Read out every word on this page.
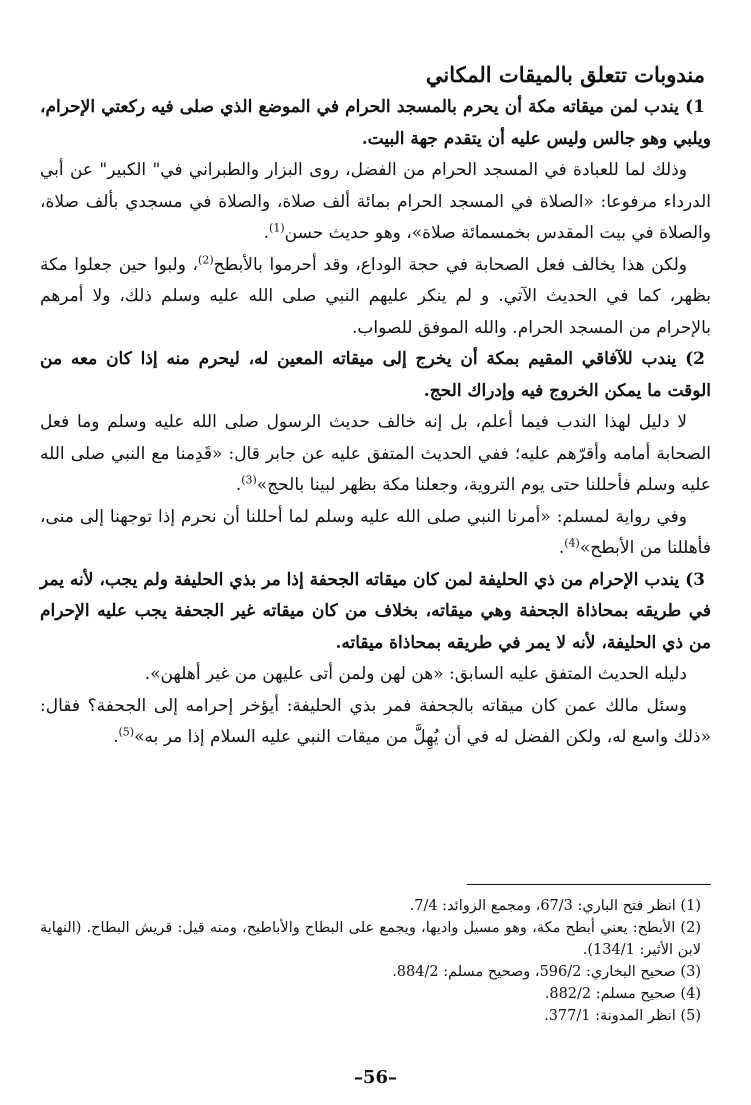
مندوبات تتعلق بالميقات المكاني

1) يندب لمن ميقاته مكة أن يحرم بالمسجد الحرام في الموضع الذي صلى فيه ركعتي الإحرام، ويلبي وهو جالس وليس عليه أن يتقدم جهة البيت.

وذلك لما للعبادة في المسجد الحرام من الفضل، روى البزار والطبراني في" الكبير" عن أبي الدرداء مرفوعا: «الصلاة في المسجد الحرام بمائة ألف صلاة، والصلاة في مسجدي بألف صلاة، والصلاة في بيت المقدس بخمسمائة صلاة»، وهو حديث حسن$^{(1)}$.

ولكن هذا يخالف فعل الصحابة في حجة الوداع، وقد أحرموا بالأبطح$^{(2)}$، ولبوا حين جعلوا مكة بظهر، كما في الحديث الآتي. و لم ينكر عليهم النبي صلى الله عليه وسلم ذلك، ولا أمرهم بالإحرام من المسجد الحرام. والله الموفق للصواب.

2) يندب للآفاقي المقيم بمكة أن يخرج إلى ميقاته المعين له، ليحرم منه إذا كان معه من الوقت ما يمكن الخروج فيه وإدراك الحج.

لا دليل لهذا الندب فيما أعلم، بل إنه خالف حديث الرسول صلى الله عليه وسلم وما فعل الصحابة أمامه وأقرّهم عليه؛ ففي الحديث المتفق عليه عن جابر قال: «قَدِمنا مع النبي صلى الله عليه وسلم فأحللنا حتى يوم التروية، وجعلنا مكة بظهر لبينا بالحج»$^{(3)}$.

وفي رواية لمسلم: «أمرنا النبي صلى الله عليه وسلم لما أحللنا أن نحرم إذا توجهنا إلى منى، فأهللنا من الأبطح»$^{(4)}$.

3) يندب الإحرام من ذي الحليفة لمن كان ميقاته الجحفة إذا مر بذي الحليفة ولم يجب، لأنه يمر في طريقه بمحاذاة الجحفة وهي ميقاته، بخلاف من كان ميقاته غير الجحفة يجب عليه الإحرام من ذي الحليفة، لأنه لا يمر في طريقه بمحاذاة ميقاته.

دليله الحديث المتفق عليه السابق: «هن لهن ولمن أتى عليهن من غير أهلهن».

وسئل مالك عمن كان ميقاته بالجحفة فمر بذي الحليفة: أيؤخر إحرامه إلى الجحفة؟ فقال: «ذلك واسع له، ولكن الفضل له في أن يُهِلَّ من ميقات النبي عليه السلام إذا مر به»$^{(5)}$.

(1) انظر فتح الباري: 67/3، ومجمع الزوائد: 7/4.

(2) الأبطح: يعني أبطح مكة، وهو مسيل واديها، ويجمع على البطاح والأباطيح، ومنه قيل: قريش البطاح. (النهاية لابن الأثير: 134/1).

(3) صحيح البخاري: 596/2، وصحيح مسلم: 884/2.

(4) صحيح مسلم: 882/2.

(5) انظر المدونة: 377/1.

–56–
